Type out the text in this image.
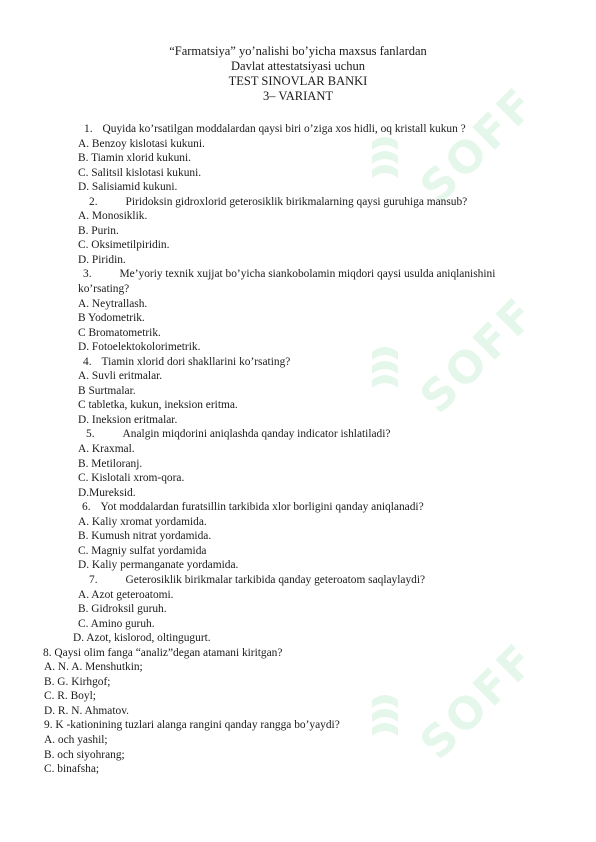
SOFF
SOFF
SOFF
“Farmatsiya” yo’nalishi bo’yicha maxsus fanlardan
Davlat attestatsiyasi uchun
TEST SINOVLAR BANKI
3– VARIANT
1. Quyida ko’rsatilgan moddalardan qaysi biri o’ziga xos hidli, oq kristall kukun ?
A. Benzoy kislotasi kukuni.
B. Tiamin xlorid kukuni.
C. Salitsil kislotasi kukuni.
D. Salisiamid kukuni.
2. Piridoksin gidroxlorid geterosiklik birikmalarning qaysi guruhiga mansub?
A. Monosiklik.
B. Purin.
C. Oksimetilpiridin.
D. Piridin.
3. Me’yoriy texnik xujjat bo’yicha siankobolamin miqdori qaysi usulda aniqlanishini
ko’rsating?
A. Neytrallash.
B Yodometrik.
C Bromatometrik.
D. Fotoelektokolorimetrik.
4. Tiamin xlorid dori shakllarini ko’rsating?
A. Suvli eritmalar.
B Surtmalar.
C tabletka, kukun, ineksion eritma.
D. Ineksion eritmalar.
5. Analgin miqdorini aniqlashda qanday indicator ishlatiladi?
A. Kraxmal.
B. Metiloranj.
C. Kislotali xrom-qora.
D.Mureksid.
6. Yot moddalardan furatsillin tarkibida xlor borligini qanday aniqlanadi?
A. Kaliy xromat yordamida.
B. Kumush nitrat yordamida.
C. Magniy sulfat yordamida
D. Kaliy permanganate yordamida.
7. Geterosiklik birikmalar tarkibida qanday geteroatom saqlaylaydi?
A. Azot geteroatomi.
B. Gidroksil guruh.
C. Amino guruh.
D. Azot, kislorod, oltingugurt.
8. Qaysi olim fanga “analiz”degan atamani kiritgan?
A. N. A. Menshutkin;
B. G. Kirhgof;
C. R. Boyl;
D. R. N. Ahmatov.
9. K -kationining tuzlari alanga rangini qanday rangga bo’yaydi?
A. och yashil;
B. och siyohrang;
C. binafsha;
